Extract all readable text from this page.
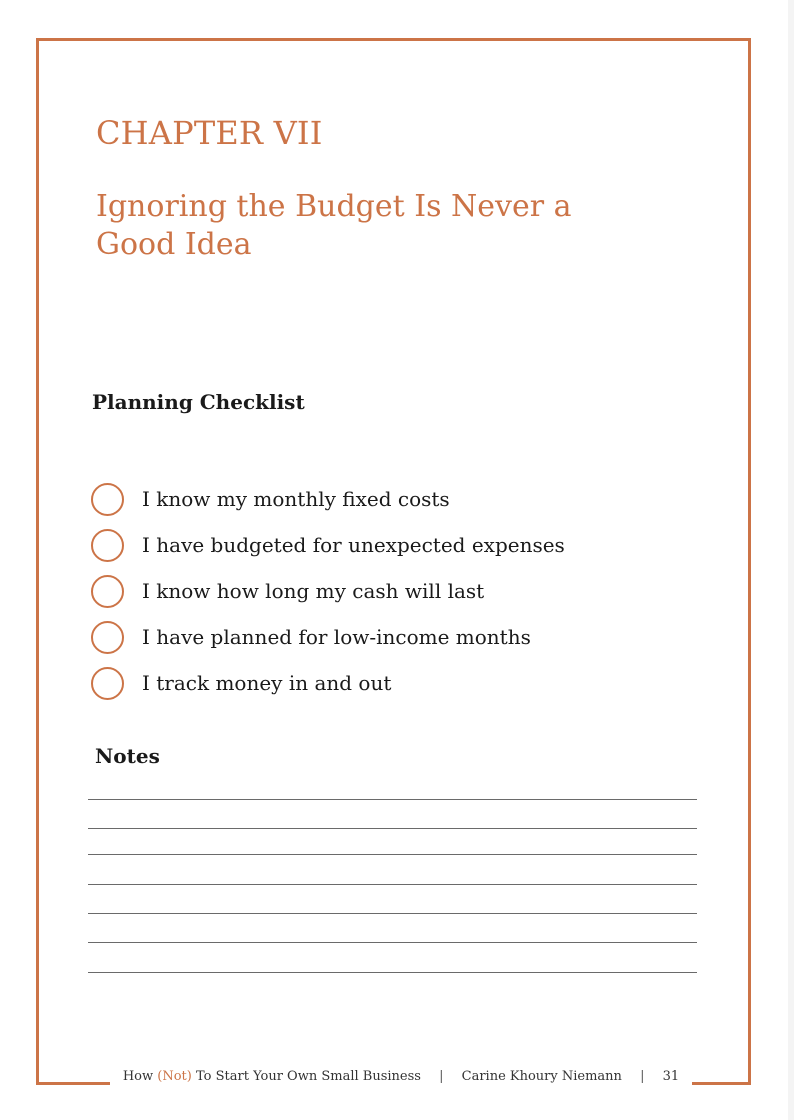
CHAPTER VII
Ignoring the Budget Is Never a
Good Idea
Planning Checklist
I know my monthly fixed costs
I have budgeted for unexpected expenses
I know how long my cash will last
I have planned for low-income months
I track money in and out
Notes
How (Not) To Start Your Own Small Business | Carine Khoury Niemann | 31
